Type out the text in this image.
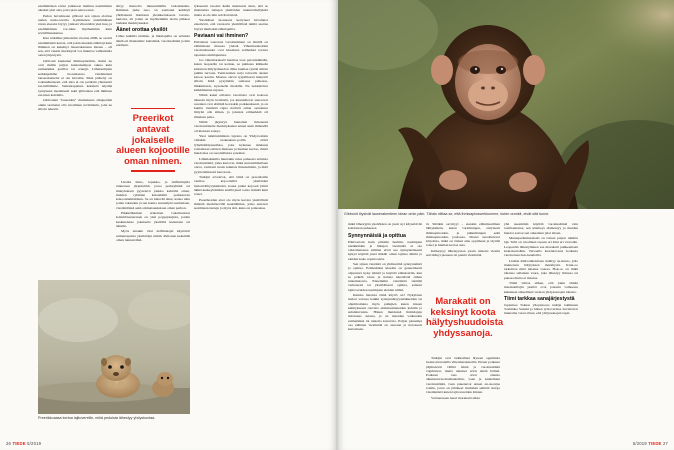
ensimmäisen tavun jonkkoon muhtuu useimmiten ainakin yksi asia, joita pian seuraa uusi.

Pedon havaittuaan gibboni sen sijaan aloittaa uuden uusia-tavalla. Kymmenen ensimmäisen tavun sisaatta löytyy ynnissä viitenttään yksi huu, ja ensimmäinen vor-tulee myöhemmin kuin tevärillisuuksissa.

Kun tutkimus julkaistiin vuonna 2006, se osoitti ensimmäistä kertaa, että jokin muukin eläinlaji kuin ihminen on keksinyt lauserakenteen ideaan – eli sen, että viestin merkitystä voi muuttaa vaihtamalla osien järjestystä.

Gibbonit kaukunat ihmisapinoihin, mutta ne ovat meille paljon kaukaisempaa sukua kuin esimerkiksi gorillat tai orangit. Läheisempien serkkujemme luontaisessa viestinnässä lauserakenteita ei ole havaittu. Siksi päätelty on todennäköisesti, että idea ei ole periksin yhteisestä esi-isältämme. Samantapainen keksintö näyttää syntyneen itsenäisesti sekä gibbonien että ihmisen esi-isien kohdalla.

Gibbonien "lauseiden" muinaisena alkuperänä onkin saattanut olla tavallinen reviirilaulu, joita ne siltoin tekevät.

siityy muotoila muusemmilla tarkoituksiin. Ihmisten puhe tuoo on saattanut kehittyä yhtälaisesti mietisten yksinkertaisesta tavoite-laulosta, eli jotain on myöhemmin alettu pilkkoa uudeksi merkitykseksi.

Äänet orottaa yksilöt

Lähes kaikilla nisäkäs- ja lintulajeilla on erilaisia ääniä eri tilanteisiin: kuttsäänä, varoitusääniä ja niin edelleen.

Preerikot antavat jokaiselle alueen kojootille oman nimen.

Uusilta lintu-, lepakko- ja delfiinilajilta tunnetaan järjestelmä, jossa perheyhtmä tai muuyhdessä pyytelevä joukko kehittää oman, muiden ryhmien kutsuääntä poikkeavan kokoontumisäänen. Se on kätevää siksi, koska näin jotain rakauden ja sen kautta suurempiä saamisiaan, viestintäänsä sekä ominaisuuksiaan oman perhon.

Pikkurilkkinen erikoinen vokalisaation kolumbiaanaranen on yksi poppajalajista, joiden keskuudessa jokaisella yksilöllä kutsutaan eri äänelle.

Myös ainakin viisi delfiinalajia käyttävät samantapaista yksilöidyn nimiä. Pullonen keksittää oman tunnusvihel-

lykseensä vuoden ikään mennessä siten, että se muistuttaa tuttujen yksilöiden tunnusvihellyksiä mutta ei ole niin selvästi niistä.

Yksittäiset luonnosta kertyneet havainnot enteilevät, että vastaavia yksilöllisiä nimiä saattaa löytyä muiltakin eläinlajeilta.

Paviaani vai ihminen?

Erilaisista vaaroista varoittaminen on äänillä on eläimistaan muassa yleistä. Vihermarakattien varoitushuudot ovat klassinen esimerkki tavasta tapanista nimilajuuista.

Jos vihermarakatti huomaa ison petonisäkkään, kuten leopardin tai kotkan, se puhkuaa kiihkeän kirkuvan hälytyshuudon. Muu laumaa ryntää silloin puihin turvaan. Tuuli-käsien sarja taivaalla oksien katsoo kauttu. Maassa olevat tyypillisesti menevät silloin ääkä pysymään samassa paikassa, liikkumaton, kyseiselle merkille. Ne nokkaisivat kaikkimanna rujassa.

Nämä kaksi erilaista varoitusta ovat kokoon äänessä myös bettiristä, jos kuuntellevat seuraavat sanoiksi ovat eläimiä kovaakin poikkeuksesti, ja on kuultu viestintä rujua tietävät oman osuutensa liittyisi olla siihen, ja jokaista erimerkkiä oli ilmeisen paha.

Nämä järjestyä huutamat ilmeisesti varoitusäänelle merkitykseksi ennen kuin ihmisellä oli kielessä sanoja.

Yksi tutkittuimmista lajeista on Yhdysvaltain vieläkin ruskeakaso-pollin elävä lyhythäntäpreerikko, joka kykenee tarkkuus toistamaan reittien mukaan ja hieman kertoo, mistä huudoissa on suositelluista sanoiksi.

Lähimakunilla muutakin tulee puheesta erilaista varoitusääntä, jotka kertovat, mikä seurasimmallaan oleva, varmasti tuoda kaikista ilmenemisin, ja mitä pyyttelemisestä kerrotaan.

Tutkijat arvelevat, että tämä on preerikoille varmaa kojootteiltä yksilöiden tiedonvälitysyksiköstä, koska jotkut kojootit jäivät äkkiä keskeyttämään sisällä juuri toista isäntää kuin toiset.

Preerikoiden ettei ole myös kuvata yksilöllisiä ihmisiä merkitsevillä keskitähtien, jotka auttavat seurimaan tunteja ja myös sitä, kuka on poikaansa.

Preerikkoaasa kertoa lajitovereille, mikä pedoista lähestyy yhdyskuntaa.
26 TIEDE 5/2019
Gibbonit löysivät lauserakenteen idean omin päin. Tähän viittaa se, että ihmisapinaserkkumme, kuten orankit, eivät sitä tunne.

mikä lähestyjän yksilöiden on juuri nyt käytettävää kohdataan puheessa.

Synnynnäisiä ja opittua

Päinvastoin kuin pitkään luultiin, useimpien nisäkkäiden ja lintujen viestintää ei ole vakiomaisessa eläimet eivät saa synnynnäisessä kykyä käyttää juuri mikäli oman lajinsa ääniin ja eleiden koko repertoaaria.

Sen sijaan viestintä on yhdistelmä synnynnäistä ja opittua. Esimerkiksi kissalla on geneettisesti ohjautuva kyky sihistä ja käyttää eläinkoiriin, kun se pelkää toista ja haluaa iskettävää siihen tuntematonta. Ennemmin viestintää sisältää varhaisesti tai yksilöllisesti opittua, samoin lajitovereiden useimpien eleiden nimiä.

Kuinka tietoista tämä käyttö on? Nykyisten tiedon valossa kaikki synnynnäisyyseläkkeiden tai ohjelmoituina myös puhujien kuten kissan kehityksessä olevista aistimuuttuneiden kohtiin ja suhdeluvuista. Hänen muidensä ihmislajeja tietoisuus asiasta, ja on alueiden vaikeuden esimerkiksi tai tunteita kuvaavia. Paljon pienempi osa eläinten viestintää on suoraan ja tietoisesti kertomaan.

tä. Siitäkin osviiryyt – etenkin eläinmaailman lähiyksikön, kuten varislintujen, erityisesti ihmisapinoiden, ja pikkulintujen sekä ihmisapinoiden, joukossa. Monet suosittelevat kirjoittaa, mikä on tärkeä aina oppimaan ja täyttää toiset ja hieman kertoa asia.

Kätkeytyy läheisyyteen jotain tunteita viestin selvittänyt pieneen tai pieniä viestintää.

Marakatit on keksinyt koota hälytyshuudoista yhdyssanoja.

Tutkijat ovat tarkkailleet älyteen oppimisia luonnonvaraisilla vihermarakateilla. Pienet poikaset jäljittelevät välillä ääniä ja varoitusääniä vigahtuvat, mutta aikuiset eivät niistä hälinä. Poikaset taas oivat omasta aikuistenvaroitushuutoihin, vaan ja kuulemien varoitusääniä, vaan pakenevat ennen en-suonjaa toisiin, joten on jättäneet muitakin selittää tietoja viestinnästä kuten lajitovereiden äänten.

Varttuessaan nuori marakatti alkaa

yhä useammin käyttää varoitusääniä vain tosititanteissa, sen käsitteys täsmentyy ja muiden huudot saavat sen oikeaman jalat alleen.

Muutaperänmarakatti on toinen paljon tutkittu laji. Sillä on tavallisen tapaan eri ääni eri vaaroille. Leopardin lähestyminen saa marakatit puhkeamaan krak-huutoihin. Taivaalla kaartelevasta kotkasta varoitetaan hok-huudoilla.

Lisäksi äänivalikoimaan sisältyy su-huuto, jolla muutetaan hälytyksen merkitystä. Krak-oo tarkoittaa mitä tahansa vaaraa. Hok-oo on mikä tahansa sellainen vaara, joka lähestyy ilmassa tai puussa mutta ei maassa.

Tämä viittaa siihen, että jokin tämän marakattilajin yksilöt ovat joissain vaiheessa keksineet alkeellisen version yhdyssanojen ideasta.

Tiimi tarkkaa sanajärjestystä

Japanissa Tokion yliopistossa tutkija toimineen Toshitaka Suzuki ja hänen työtoverinsa havaitsivat muutama vuosi sitten, että yhdyssanojen tapai-

5/2019 TIEDE 27
